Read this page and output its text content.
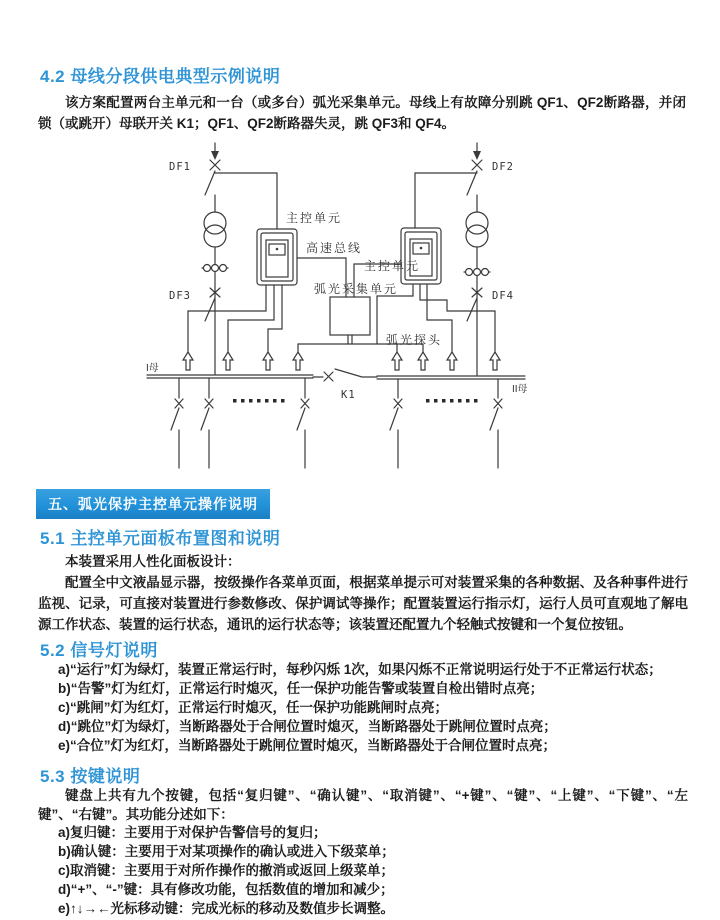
4.2 母线分段供电典型示例说明

该方案配置两台主单元和一台（或多台）弧光采集单元。母线上有故障分别跳 QF1、QF2断路器，并闭锁（或跳开）母联开关 K1；QF1、QF2断路器失灵，跳 QF3和 QF4。

DF1	DF2
DF3	DF4
主控单元
主控单元
高速总线
弧光采集单元
弧光探头
I母
II母
K1
五、弧光保护主控单元操作说明
5.1 主控单元面板布置图和说明

本装置采用人性化面板设计：

配置全中文液晶显示器，按级操作各菜单页面，根据菜单提示可对装置采集的各种数据、及各种事件进行监视、记录，可直接对装置进行参数修改、保护调试等操作；配置装置运行指示灯，运行人员可直观地了解电源工作状态、装置的运行状态，通讯的运行状态等；该装置还配置九个轻触式按键和一个复位按钮。

5.2 信号灯说明
a)“运行”灯为绿灯，装置正常运行时，每秒闪烁 1次，如果闪烁不正常说明运行处于不正常运行状态；
b)“告警”灯为红灯，正常运行时熄灭，任一保护功能告警或装置自检出错时点亮；
c)“跳闸”灯为红灯，正常运行时熄灭，任一保护功能跳闸时点亮；
d)“跳位”灯为绿灯，当断路器处于合闸位置时熄灭，当断路器处于跳闸位置时点亮；
e)“合位”灯为红灯，当断路器处于跳闸位置时熄灭，当断路器处于合闸位置时点亮；
5.3 按键说明

键盘上共有九个按键，包括“复归键”、“确认键”、“取消键”、“+键”、“键”、“上键”、“下键”、“左键”、“右键”。其功能分述如下：

a)复归键：主要用于对保护告警信号的复归；
b)确认键：主要用于对某项操作的确认或进入下级菜单；
c)取消键：主要用于对所作操作的撤消或返回上级菜单；
d)“+”、“-”键：具有修改功能，包括数值的增加和减少；
e)↑↓→←光标移动键：完成光标的移动及数值步长调整。
